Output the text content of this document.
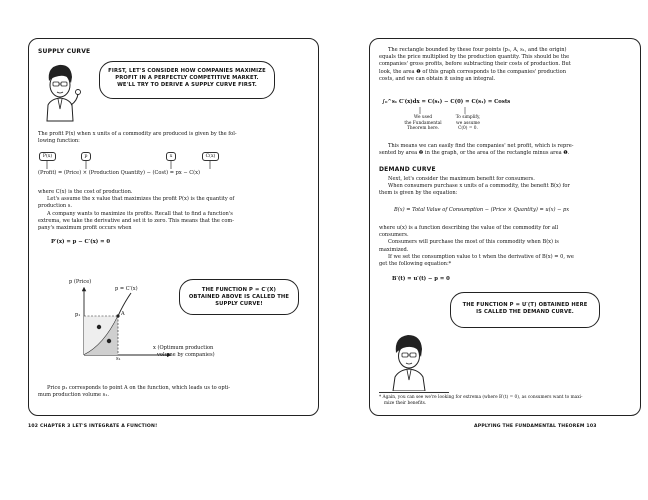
SUPPLY CURVE
FIRST, LET'S CONSIDER HOW COMPANIES MAXIMIZE PROFIT IN A PERFECTLY COMPETITIVE MARKET. WE'LL TRY TO DERIVE A SUPPLY CURVE FIRST.
The profit P(x) when x units of a commodity are produced is given by the fol-
lowing function:
P(x)	p	x	C(x)
(Profit) = (Price) × (Production Quantity) − (Cost) = px − C(x)
where C(x) is the cost of production.
Let's assume the x value that maximizes the profit P(x) is the quantity of
production s.
A company wants to maximize its profits. Recall that to find a function's
extrema, we take the derivative and set it to zero. This means that the com-
pany's maximum profit occurs when
P′(x) = p − C′(x) = 0
p (Price)
p = C′(x)
p₁	A
s₁
x (Optimum production
volume by companies)
THE FUNCTION P = C′(X) OBTAINED ABOVE IS CALLED THE SUPPLY CURVE!
Price p₁ corresponds to point A on the function, which leads us to opti-
mum production volume s₁.
102 CHAPTER 3 LET'S INTEGRATE A FUNCTION!
The rectangle bounded by these four points (p₁, A, s₁, and the origin)
equals the price multiplied by the production quantity. This should be the
companies' gross profits, before subtracting their costs of production. But
look, the area ❶ of this graph corresponds to the companies' production
costs, and we can obtain it using an integral.
∫₀^s₁ C′(x)dx = C(s₁) − C(0) = C(s₁) = Costs
We used
the Fundamental
Theorem here.
To simplify,
we assume
C(0) = 0.
This means we can easily find the companies' net profit, which is repre-
sented by area ❷ in the graph, or the area of the rectangle minus area ❶.
DEMAND CURVE
Next, let's consider the maximum benefit for consumers.
When consumers purchase x units of a commodity, the benefit B(x) for
them is given by the equation:
B(x) = Total Value of Consumption − (Price × Quantity) = u(x) − px
where u(x) is a function describing the value of the commodity for all
consumers.
Consumers will purchase the most of this commodity when B(x) is
maximized.
If we set the consumption value to t when the derivative of B(x) = 0, we
get the following equation:*
B′(t) = u′(t) − p = 0
THE FUNCTION P = U′(T) OBTAINED HERE IS CALLED THE DEMAND CURVE.
* Again, you can see we're looking for extrema (where B′(t) = 0), as consumers want to maxi-
mize their benefits.
APPLYING THE FUNDAMENTAL THEOREM 103
